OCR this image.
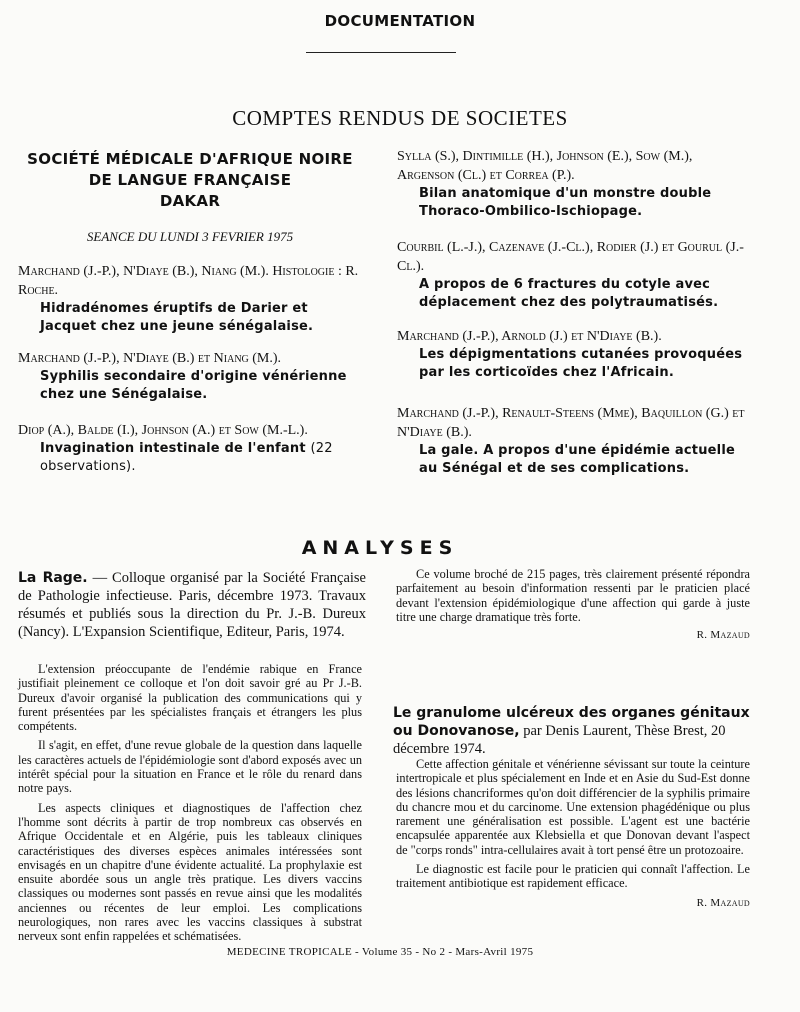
DOCUMENTATION
COMPTES RENDUS DE SOCIETES
SOCIÉTÉ MÉDICALE D'AFRIQUE NOIRE
DE LANGUE FRANÇAISE
DAKAR
SEANCE DU LUNDI 3 FEVRIER 1975
Marchand (J.-P.), N'Diaye (B.), Niang (M.). Histologie : R. Roche.
Hidradénomes éruptifs de Darier et Jacquet chez une jeune sénégalaise.
Marchand (J.-P.), N'Diaye (B.) et Niang (M.).
Syphilis secondaire d'origine vénérienne chez une Sénégalaise.
Diop (A.), Balde (I.), Johnson (A.) et Sow (M.-L.).
Invagination intestinale de l'enfant (22 observations).
Sylla (S.), Dintimille (H.), Johnson (E.), Sow (M.), Argenson (Cl.) et Correa (P.).
Bilan anatomique d'un monstre double Thoraco-Ombilico-Ischiopage.
Courbil (L.-J.), Cazenave (J.-Cl.), Rodier (J.) et Gourul (J.-Cl.).
A propos de 6 fractures du cotyle avec déplacement chez des polytraumatisés.
Marchand (J.-P.), Arnold (J.) et N'Diaye (B.).
Les dépigmentations cutanées provoquées par les corticoïdes chez l'Africain.
Marchand (J.-P.), Renault-Steens (Mme), Baquillon (G.) et N'Diaye (B.).
La gale. A propos d'une épidémie actuelle au Sénégal et de ses complications.
ANALYSES
La Rage. — Colloque organisé par la Société Française de Pathologie infectieuse. Paris, décembre 1973. Travaux résumés et publiés sous la direction du Pr. J.-B. Dureux (Nancy). L'Expansion Scientifique, Editeur, Paris, 1974.

L'extension préoccupante de l'endémie rabique en France justifiait pleinement ce colloque et l'on doit savoir gré au Pr J.-B. Dureux d'avoir organisé la publication des communications qui y furent présentées par les spécialistes français et étrangers les plus compétents.

Il s'agit, en effet, d'une revue globale de la question dans laquelle les caractères actuels de l'épidémiologie sont d'abord exposés avec un intérêt spécial pour la situation en France et le rôle du renard dans notre pays.

Les aspects cliniques et diagnostiques de l'affection chez l'homme sont décrits à partir de trop nombreux cas observés en Afrique Occidentale et en Algérie, puis les tableaux cliniques caractéristiques des diverses espèces animales intéressées sont envisagés en un chapitre d'une évidente actualité. La prophylaxie est ensuite abordée sous un angle très pratique. Les divers vaccins classiques ou modernes sont passés en revue ainsi que les modalités anciennes ou récentes de leur emploi. Les complications neurologiques, non rares avec les vaccins classiques à substrat nerveux sont enfin rappelées et schématisées.

Ce volume broché de 215 pages, très clairement présenté répondra parfaitement au besoin d'information ressenti par le praticien placé devant l'extension épidémiologique d'une affection qui garde à juste titre une charge dramatique très forte.

R. Mazaud
Le granulome ulcéreux des organes génitaux ou Donovanose, par Denis Laurent, Thèse Brest, 20 décembre 1974.

Cette affection génitale et vénérienne sévissant sur toute la ceinture intertropicale et plus spécialement en Inde et en Asie du Sud-Est donne des lésions chancriformes qu'on doit différencier de la syphilis primaire du chancre mou et du carcinome. Une extension phagédénique ou plus rarement une généralisation est possible. L'agent est une bactérie encapsulée apparentée aux Klebsiella et que Donovan devant l'aspect de "corps ronds" intra-cellulaires avait à tort pensé être un protozoaire.

Le diagnostic est facile pour le praticien qui connaît l'affection. Le traitement antibiotique est rapidement efficace.

R. Mazaud
MEDECINE TROPICALE - Volume 35 - No 2 - Mars-Avril 1975
